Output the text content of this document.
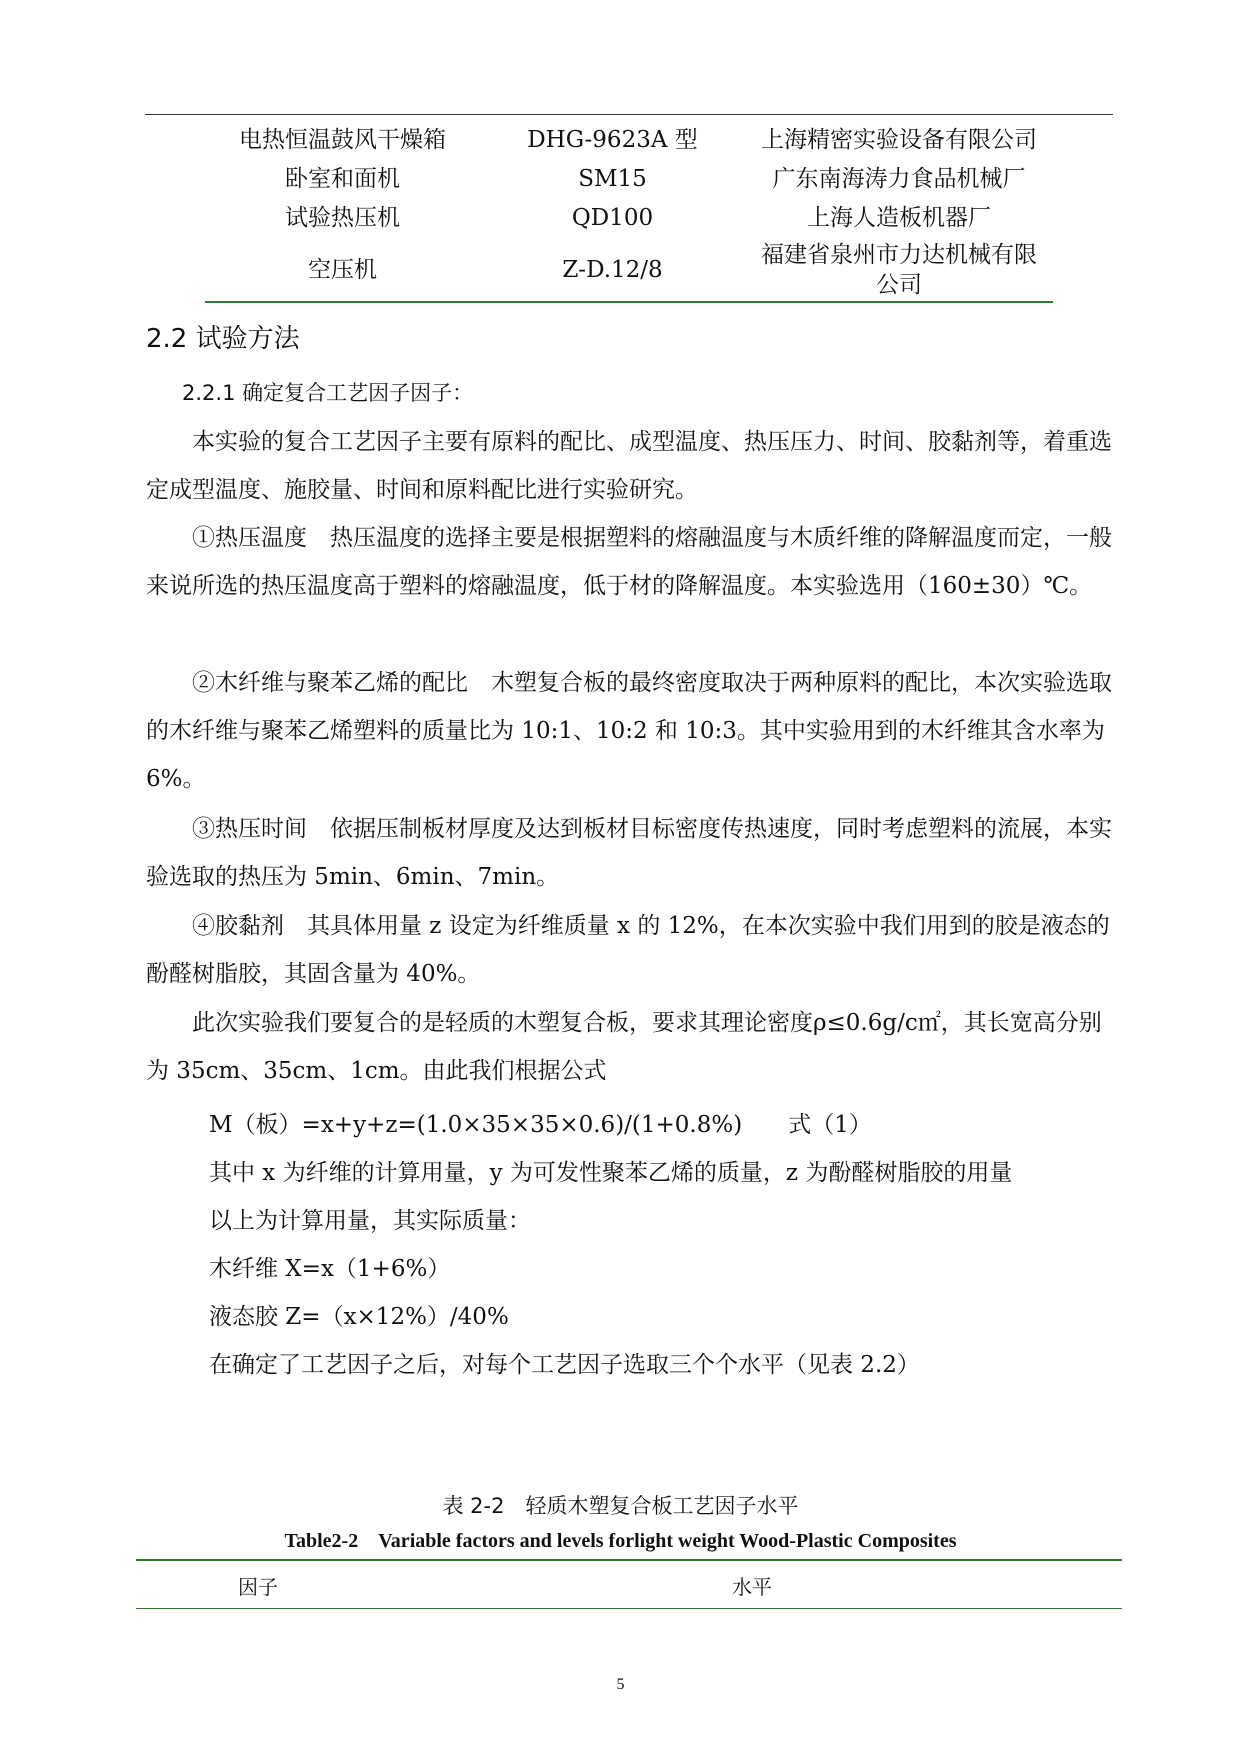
电热恒温鼓风干燥箱	DHG-9623A 型	上海精密实验设备有限公司
卧室和面机	SM15	广东南海涛力食品机械厂
试验热压机	QD100	上海人造板机器厂
空压机	Z-D.12/8	福建省泉州市力达机械有限
公司
2.2 试验方法
2.2.1 确定复合工艺因子因子：

本实验的复合工艺因子主要有原料的配比、成型温度、热压压力、时间、胶黏剂等，着重选定成型温度、施胶量、时间和原料配比进行实验研究。

①热压温度　热压温度的选择主要是根据塑料的熔融温度与木质纤维的降解温度而定，一般来说所选的热压温度高于塑料的熔融温度，低于材的降解温度。本实验选用（160±30）℃。

②木纤维与聚苯乙烯的配比　木塑复合板的最终密度取决于两种原料的配比，本次实验选取的木纤维与聚苯乙烯塑料的质量比为 10:1、10:2 和 10:3。其中实验用到的木纤维其含水率为 6%。

③热压时间　依据压制板材厚度及达到板材目标密度传热速度，同时考虑塑料的流展，本实验选取的热压为 5min、6min、7min。

④胶黏剂　其具体用量 z 设定为纤维质量 x 的 12%，在本次实验中我们用到的胶是液态的酚醛树脂胶，其固含量为 40%。

此次实验我们要复合的是轻质的木塑复合板，要求其理论密度ρ≤0.6g/c㎡，其长宽高分别为 35cm、35cm、1cm。由此我们根据公式

M（板）=x+y+z=(1.0×35×35×0.6)/(1+0.8%)　　式（1）
其中 x 为纤维的计算用量，y 为可发性聚苯乙烯的质量，z 为酚醛树脂胶的用量
以上为计算用量，其实际质量：
木纤维 X=x（1+6%）
液态胶 Z=（x×12%）/40%
在确定了工艺因子之后，对每个工艺因子选取三个个水平（见表 2.2）
表 2-2　轻质木塑复合板工艺因子水平
Table2-2　Variable factors and levels forlight weight Wood-Plastic Composites
因子	水平
5
